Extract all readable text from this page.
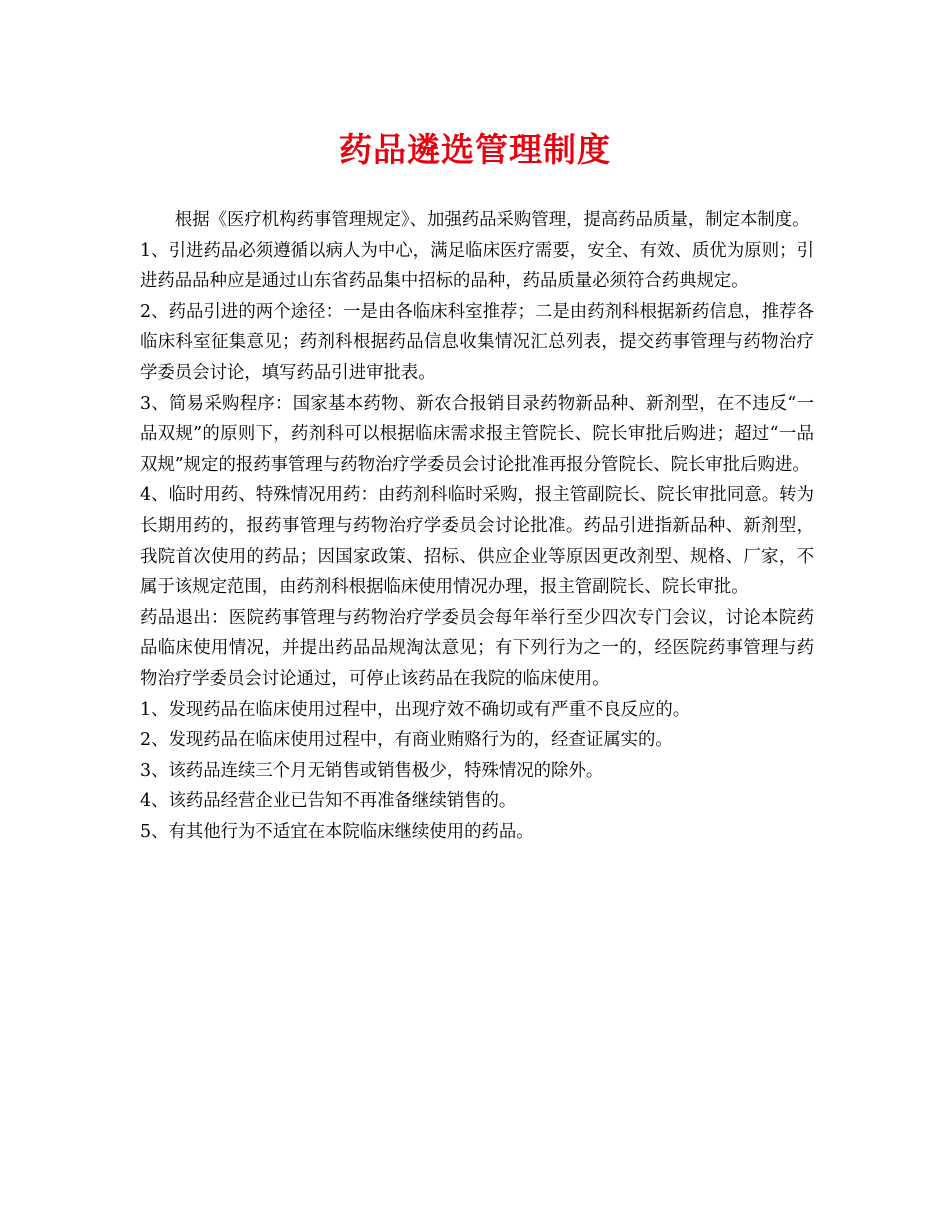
药品遴选管理制度

根据《医疗机构药事管理规定》、加强药品采购管理，提高药品质量，制定本制度。

1、引进药品必须遵循以病人为中心，满足临床医疗需要，安全、有效、质优为原则；引进药品品种应是通过山东省药品集中招标的品种，药品质量必须符合药典规定。

2、药品引进的两个途径：一是由各临床科室推荐；二是由药剂科根据新药信息，推荐各临床科室征集意见；药剂科根据药品信息收集情况汇总列表，提交药事管理与药物治疗学委员会讨论，填写药品引进审批表。

3、简易采购程序：国家基本药物、新农合报销目录药物新品种、新剂型，在不违反“一品双规”的原则下，药剂科可以根据临床需求报主管院长、院长审批后购进；超过“一品双规”规定的报药事管理与药物治疗学委员会讨论批准再报分管院长、院长审批后购进。

4、临时用药、特殊情况用药：由药剂科临时采购，报主管副院长、院长审批同意。转为长期用药的，报药事管理与药物治疗学委员会讨论批准。药品引进指新品种、新剂型，我院首次使用的药品；因国家政策、招标、供应企业等原因更改剂型、规格、厂家，不属于该规定范围，由药剂科根据临床使用情况办理，报主管副院长、院长审批。

药品退出：医院药事管理与药物治疗学委员会每年举行至少四次专门会议，讨论本院药品临床使用情况，并提出药品品规淘汰意见；有下列行为之一的，经医院药事管理与药物治疗学委员会讨论通过，可停止该药品在我院的临床使用。

1、发现药品在临床使用过程中，出现疗效不确切或有严重不良反应的。

2、发现药品在临床使用过程中，有商业贿赂行为的，经查证属实的。

3、该药品连续三个月无销售或销售极少，特殊情况的除外。

4、该药品经营企业已告知不再准备继续销售的。

5、有其他行为不适宜在本院临床继续使用的药品。
